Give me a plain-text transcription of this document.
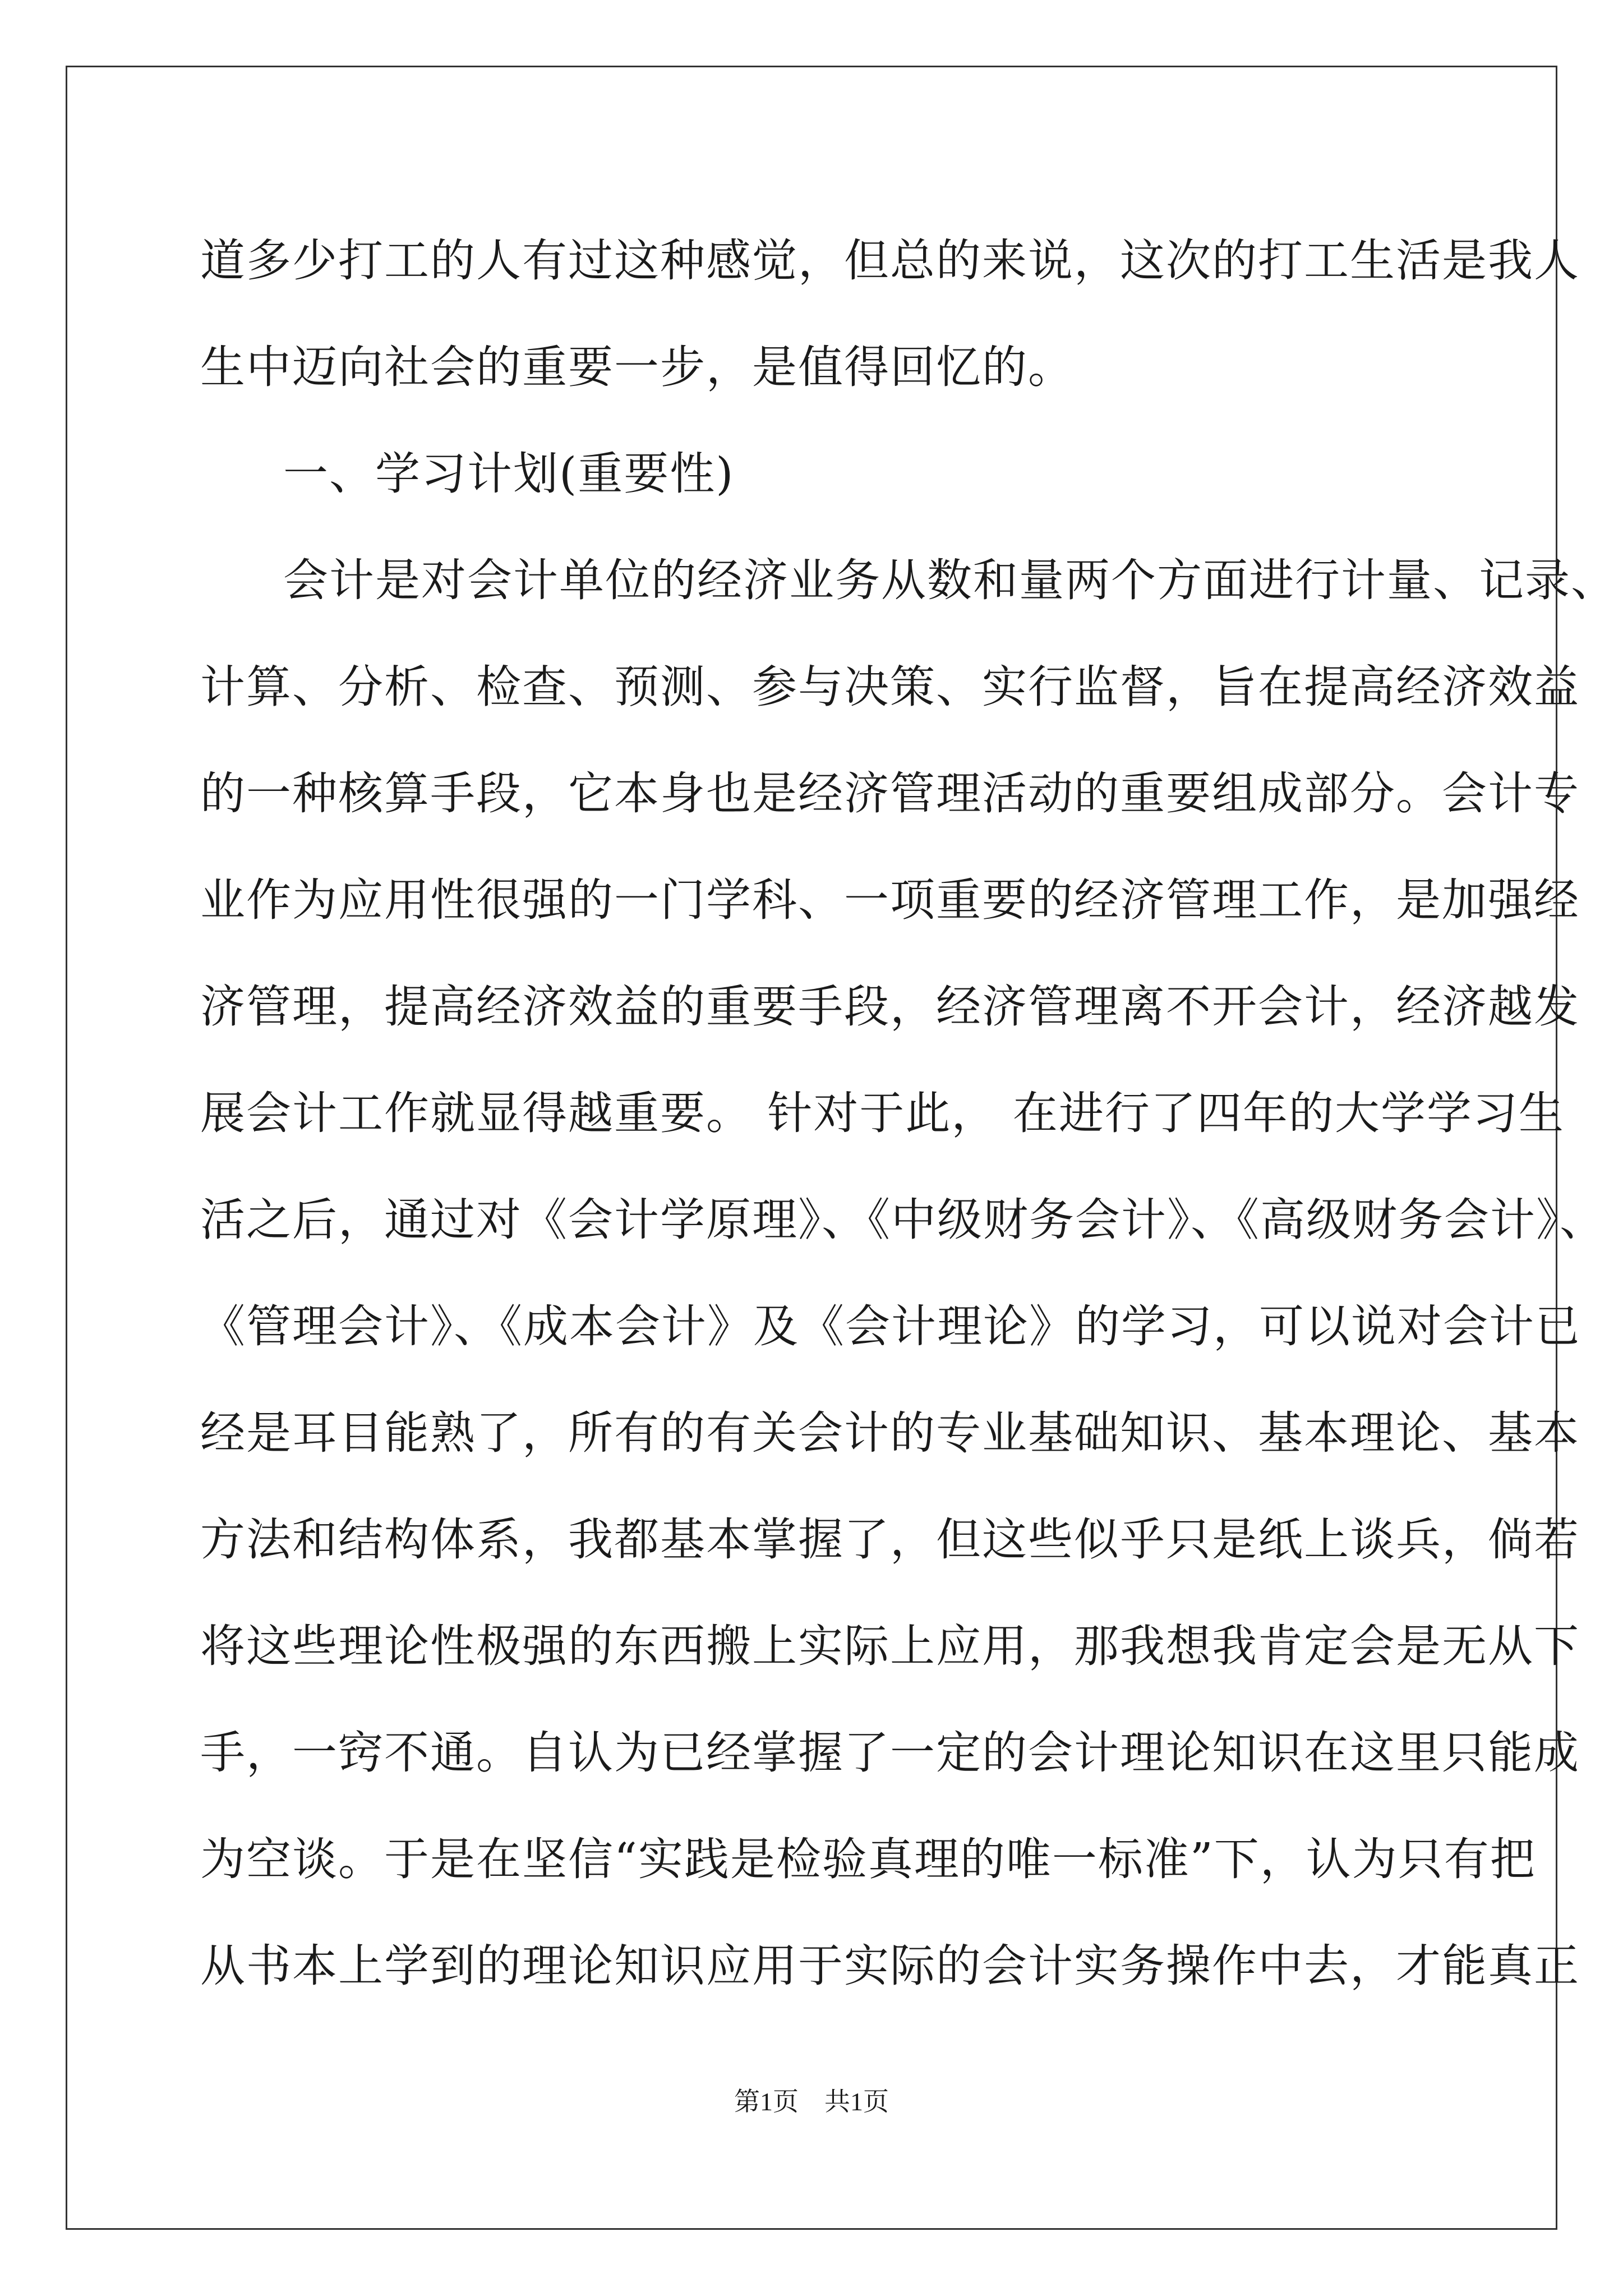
道多少打工的人有过这种感觉，但总的来说，这次的打工生活是我人
生中迈向社会的重要一步，是值得回忆的。
一、学习计划(重要性)
会计是对会计单位的经济业务从数和量两个方面进行计量、记录、
计算、分析、检查、预测、参与决策、实行监督，旨在提高经济效益
的一种核算手段，它本身也是经济管理活动的重要组成部分。会计专
业作为应用性很强的一门学科、一项重要的经济管理工作，是加强经
济管理，提高经济效益的重要手段，经济管理离不开会计，经济越发
展会计工作就显得越重要。 针对于此， 在进行了四年的大学学习生
活之后，通过对《会计学原理》、《中级财务会计》、《高级财务会计》、
《管理会计》、《成本会计》及《会计理论》的学习，可以说对会计已
经是耳目能熟了，所有的有关会计的专业基础知识、基本理论、基本
方法和结构体系，我都基本掌握了，但这些似乎只是纸上谈兵，倘若
将这些理论性极强的东西搬上实际上应用，那我想我肯定会是无从下
手，一窍不通。自认为已经掌握了一定的会计理论知识在这里只能成
为空谈。于是在坚信“实践是检验真理的唯一标准”下，认为只有把
从书本上学到的理论知识应用于实际的会计实务操作中去，才能真正
第1页 共1页
